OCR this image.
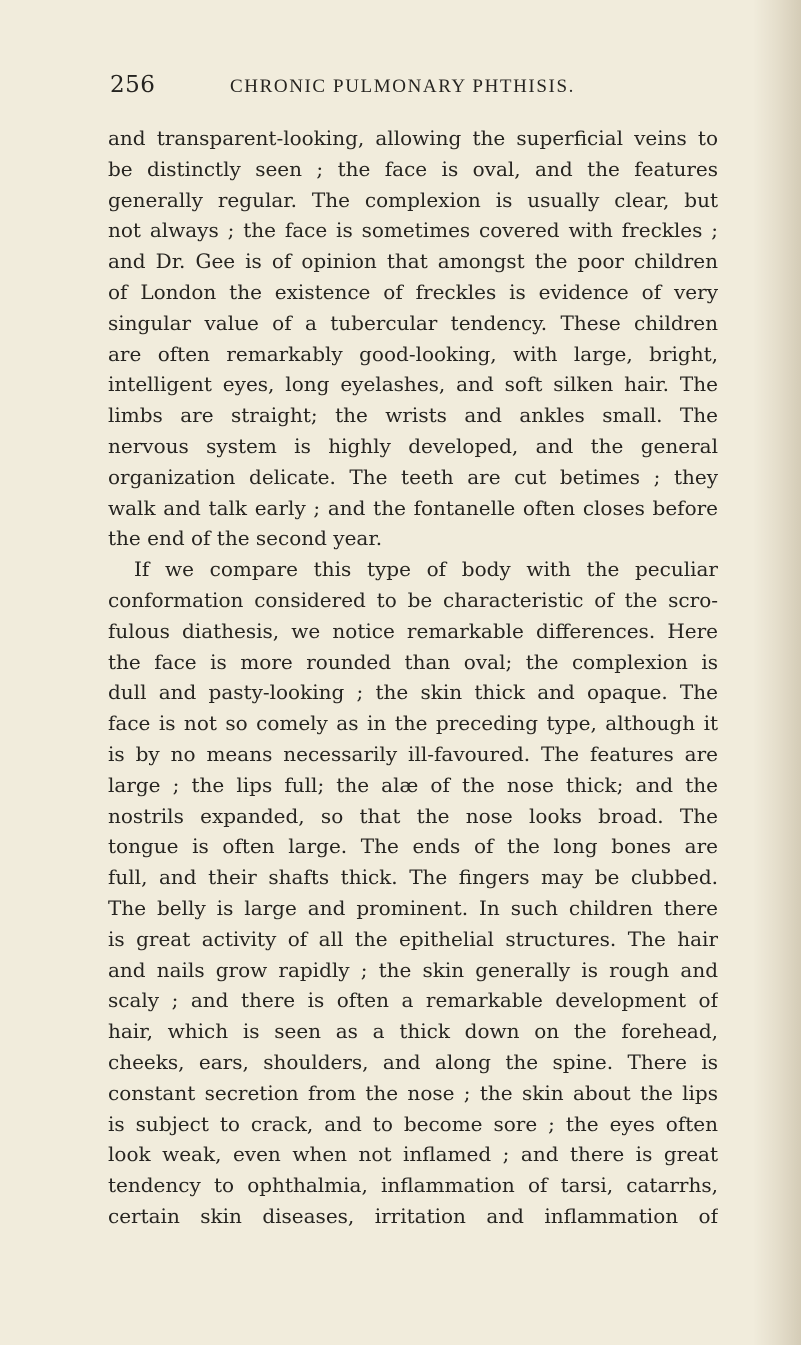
256	CHRONIC PULMONARY PHTHISIS.
and transparent-looking, allowing the superficial veins to
be distinctly seen ; the face is oval, and the features
generally regular. The complexion is usually clear, but
not always ; the face is sometimes covered with freckles ;
and Dr. Gee is of opinion that amongst the poor children
of London the existence of freckles is evidence of very
singular value of a tubercular tendency. These children
are often remarkably good-looking, with large, bright,
intelligent eyes, long eyelashes, and soft silken hair. The
limbs are straight; the wrists and ankles small. The
nervous system is highly developed, and the general
organization delicate. The teeth are cut betimes ; they
walk and talk early ; and the fontanelle often closes before
the end of the second year.
If we compare this type of body with the peculiar
conformation considered to be characteristic of the scro-
fulous diathesis, we notice remarkable differences. Here
the face is more rounded than oval; the complexion is
dull and pasty-looking ; the skin thick and opaque. The
face is not so comely as in the preceding type, although it
is by no means necessarily ill-favoured. The features are
large ; the lips full; the alæ of the nose thick; and the
nostrils expanded, so that the nose looks broad. The
tongue is often large. The ends of the long bones are
full, and their shafts thick. The fingers may be clubbed.
The belly is large and prominent. In such children there
is great activity of all the epithelial structures. The hair
and nails grow rapidly ; the skin generally is rough and
scaly ; and there is often a remarkable development of
hair, which is seen as a thick down on the forehead,
cheeks, ears, shoulders, and along the spine. There is
constant secretion from the nose ; the skin about the lips
is subject to crack, and to become sore ; the eyes often
look weak, even when not inflamed ; and there is great
tendency to ophthalmia, inflammation of tarsi, catarrhs,
certain skin diseases, irritation and inflammation of
